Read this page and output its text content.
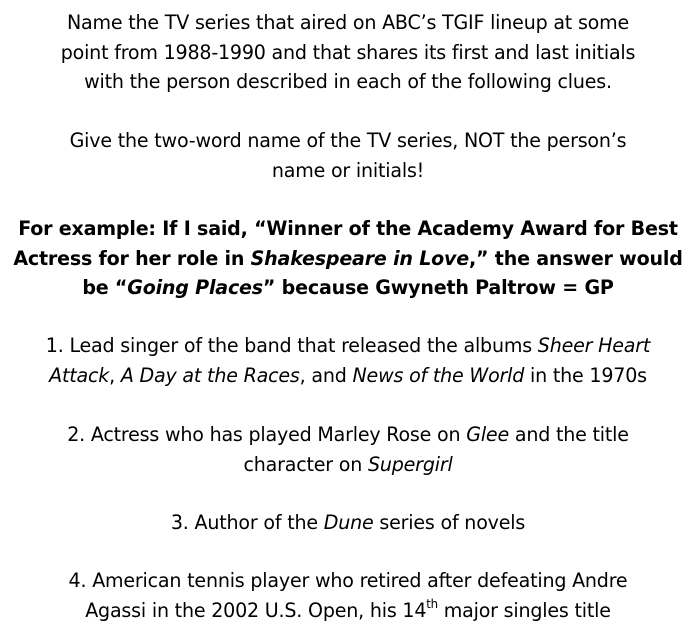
Name the TV series that aired on ABC’s TGIF lineup at some
point from 1988-1990 and that shares its first and last initials
with the person described in each of the following clues.
Give the two-word name of the TV series, NOT the person’s
name or initials!
For example: If I said, “Winner of the Academy Award for Best
Actress for her role in Shakespeare in Love,” the answer would
be “Going Places” because Gwyneth Paltrow = GP
1. Lead singer of the band that released the albums Sheer Heart
Attack, A Day at the Races, and News of the World in the 1970s
2. Actress who has played Marley Rose on Glee and the title
character on Supergirl
3. Author of the Dune series of novels
4. American tennis player who retired after defeating Andre
Agassi in the 2002 U.S. Open, his 14th major singles title
